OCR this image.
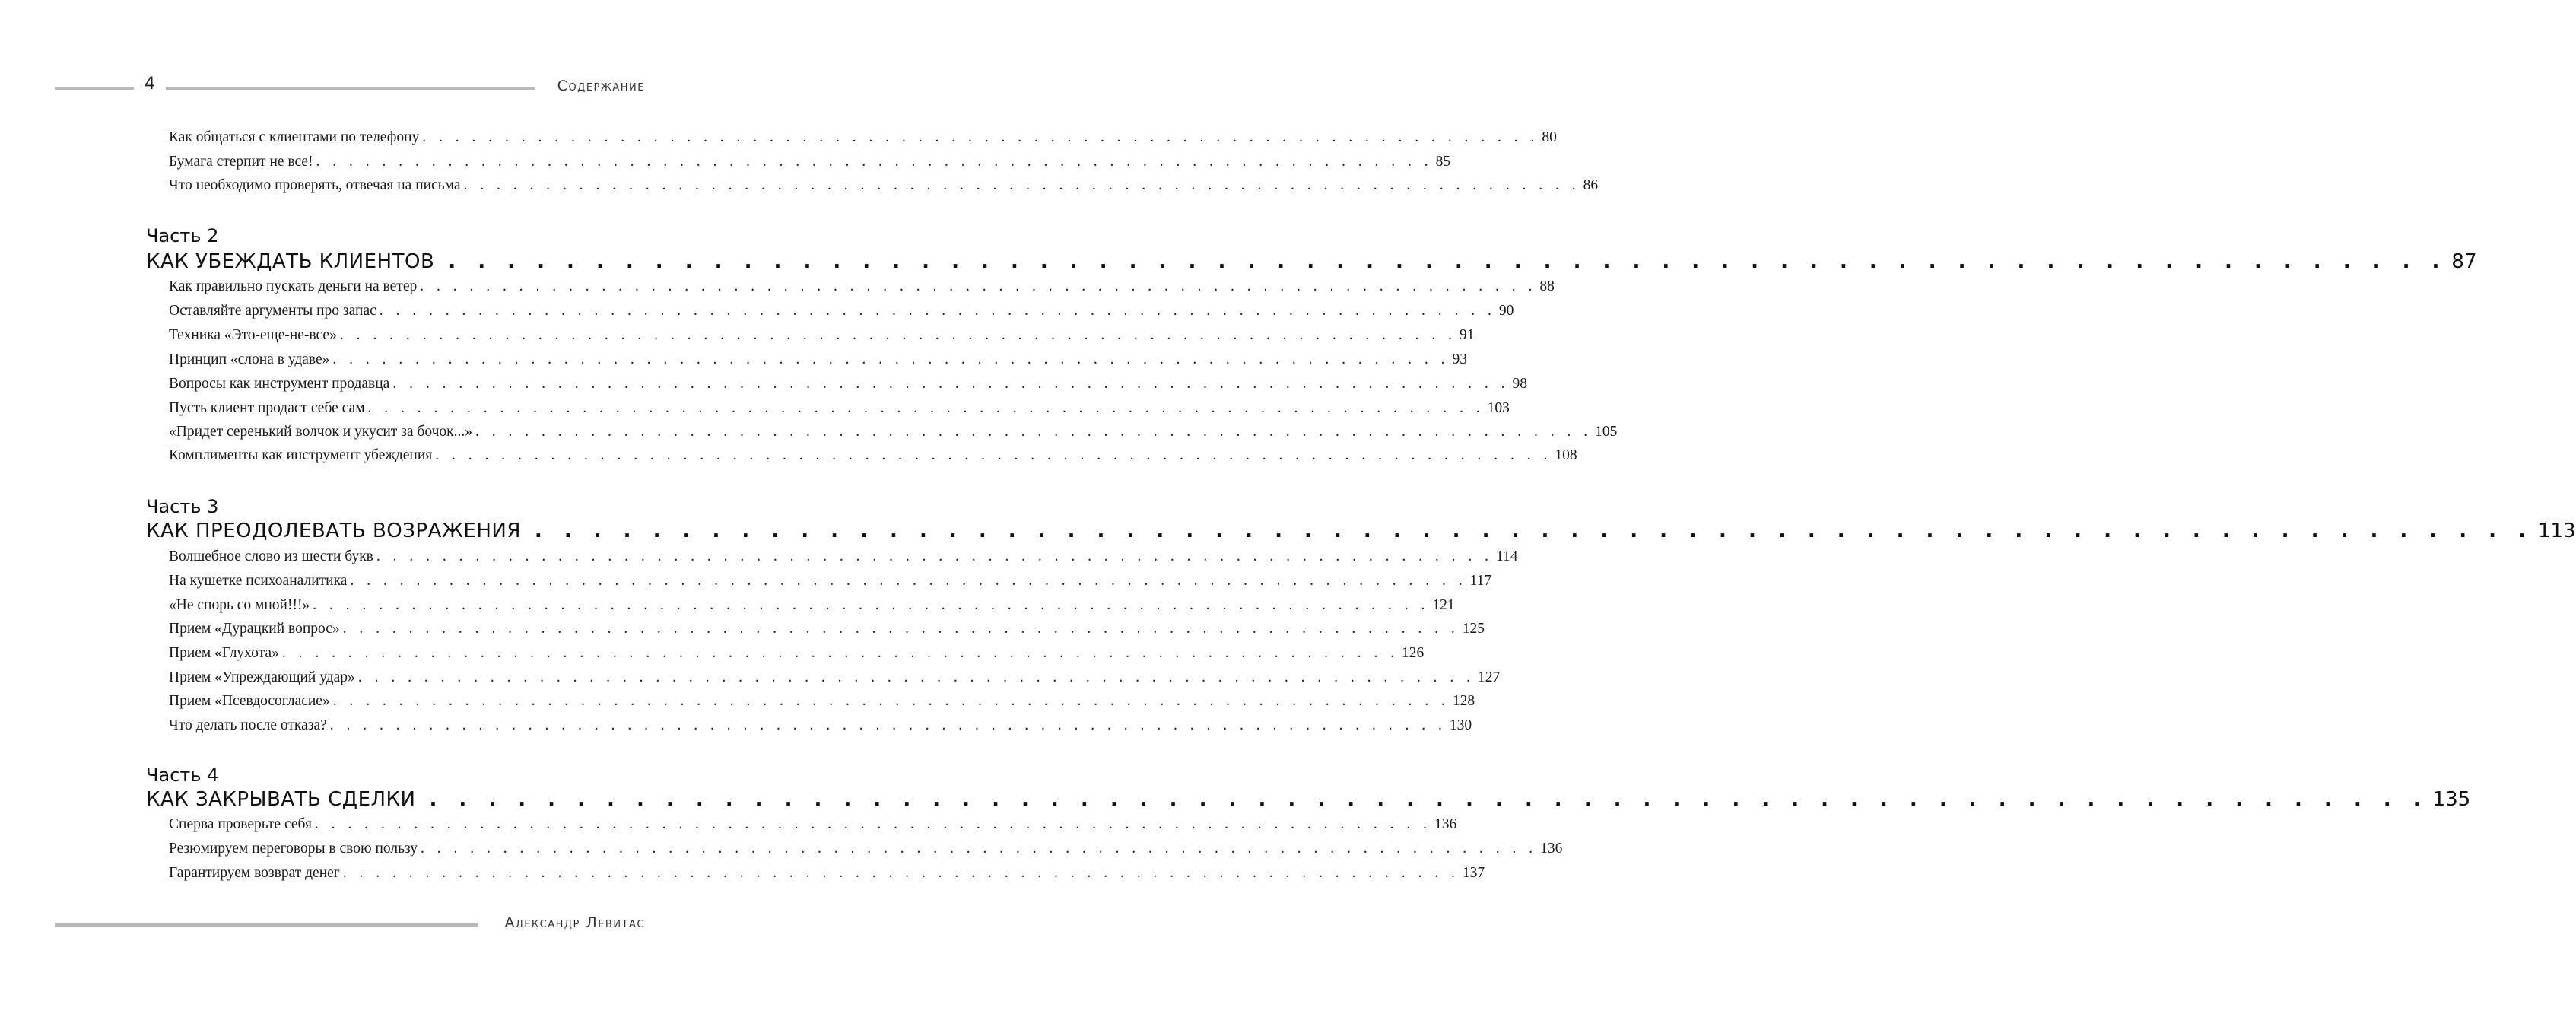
4	Содержание
Как общаться с клиентами по телефону . . . . . . . . . . . . . . . . . . . . . . . . . . . . . . . . . . . . . . . . . . . . . . . . . . . . . . . . . . . . . . . . . . . . 80
Бумага стерпит не все! . . . . . . . . . . . . . . . . . . . . . . . . . . . . . . . . . . . . . . . . . . . . . . . . . . . . . . . . . . . . . . . . . . . . 85
Что необходимо проверять, отвечая на письма . . . . . . . . . . . . . . . . . . . . . . . . . . . . . . . . . . . . . . . . . . . . . . . . . . . . . . . . . . . . . . . . . . . . 86
Часть 2
КАК УБЕЖДАТЬ КЛИЕНТОВ . . . . . . . . . . . . . . . . . . . . . . . . . . . . . . . . . . . . . . . . . . . . . . . . . . . . . . . . . . . . . . . . . . . . 87
Как правильно пускать деньги на ветер . . . . . . . . . . . . . . . . . . . . . . . . . . . . . . . . . . . . . . . . . . . . . . . . . . . . . . . . . . . . . . . . . . . . 88
Оставляйте аргументы про запас . . . . . . . . . . . . . . . . . . . . . . . . . . . . . . . . . . . . . . . . . . . . . . . . . . . . . . . . . . . . . . . . . . . . 90
Техника «Это-еще-не-все» . . . . . . . . . . . . . . . . . . . . . . . . . . . . . . . . . . . . . . . . . . . . . . . . . . . . . . . . . . . . . . . . . . . . 91
Принцип «слона в удаве» . . . . . . . . . . . . . . . . . . . . . . . . . . . . . . . . . . . . . . . . . . . . . . . . . . . . . . . . . . . . . . . . . . . . 93
Вопросы как инструмент продавца . . . . . . . . . . . . . . . . . . . . . . . . . . . . . . . . . . . . . . . . . . . . . . . . . . . . . . . . . . . . . . . . . . . . 98
Пусть клиент продаст себе сам . . . . . . . . . . . . . . . . . . . . . . . . . . . . . . . . . . . . . . . . . . . . . . . . . . . . . . . . . . . . . . . . . . . . 103
«Придет серенький волчок и укусит за бочок...» . . . . . . . . . . . . . . . . . . . . . . . . . . . . . . . . . . . . . . . . . . . . . . . . . . . . . . . . . . . . . . . . . . . . 105
Комплименты как инструмент убеждения . . . . . . . . . . . . . . . . . . . . . . . . . . . . . . . . . . . . . . . . . . . . . . . . . . . . . . . . . . . . . . . . . . . . 108
Часть 3
КАК ПРЕОДОЛЕВАТЬ ВОЗРАЖЕНИЯ . . . . . . . . . . . . . . . . . . . . . . . . . . . . . . . . . . . . . . . . . . . . . . . . . . . . . . . . . . . . . . . . . . . . 113
Волшебное слово из шести букв . . . . . . . . . . . . . . . . . . . . . . . . . . . . . . . . . . . . . . . . . . . . . . . . . . . . . . . . . . . . . . . . . . . . 114
На кушетке психоаналитика . . . . . . . . . . . . . . . . . . . . . . . . . . . . . . . . . . . . . . . . . . . . . . . . . . . . . . . . . . . . . . . . . . . . 117
«Не спорь со мной!!!» . . . . . . . . . . . . . . . . . . . . . . . . . . . . . . . . . . . . . . . . . . . . . . . . . . . . . . . . . . . . . . . . . . . . 121
Прием «Дурацкий вопрос» . . . . . . . . . . . . . . . . . . . . . . . . . . . . . . . . . . . . . . . . . . . . . . . . . . . . . . . . . . . . . . . . . . . . 125
Прием «Глухота» . . . . . . . . . . . . . . . . . . . . . . . . . . . . . . . . . . . . . . . . . . . . . . . . . . . . . . . . . . . . . . . . . . . . 126
Прием «Упреждающий удар» . . . . . . . . . . . . . . . . . . . . . . . . . . . . . . . . . . . . . . . . . . . . . . . . . . . . . . . . . . . . . . . . . . . . 127
Прием «Псевдосогласие» . . . . . . . . . . . . . . . . . . . . . . . . . . . . . . . . . . . . . . . . . . . . . . . . . . . . . . . . . . . . . . . . . . . . 128
Что делать после отказа? . . . . . . . . . . . . . . . . . . . . . . . . . . . . . . . . . . . . . . . . . . . . . . . . . . . . . . . . . . . . . . . . . . . . 130
Часть 4
КАК ЗАКРЫВАТЬ СДЕЛКИ . . . . . . . . . . . . . . . . . . . . . . . . . . . . . . . . . . . . . . . . . . . . . . . . . . . . . . . . . . . . . . . . . . . . 135
Сперва проверьте себя . . . . . . . . . . . . . . . . . . . . . . . . . . . . . . . . . . . . . . . . . . . . . . . . . . . . . . . . . . . . . . . . . . . . 136
Резюмируем переговоры в свою пользу . . . . . . . . . . . . . . . . . . . . . . . . . . . . . . . . . . . . . . . . . . . . . . . . . . . . . . . . . . . . . . . . . . . . 136
Гарантируем возврат денег . . . . . . . . . . . . . . . . . . . . . . . . . . . . . . . . . . . . . . . . . . . . . . . . . . . . . . . . . . . . . . . . . . . . 137
Александр Левитас
